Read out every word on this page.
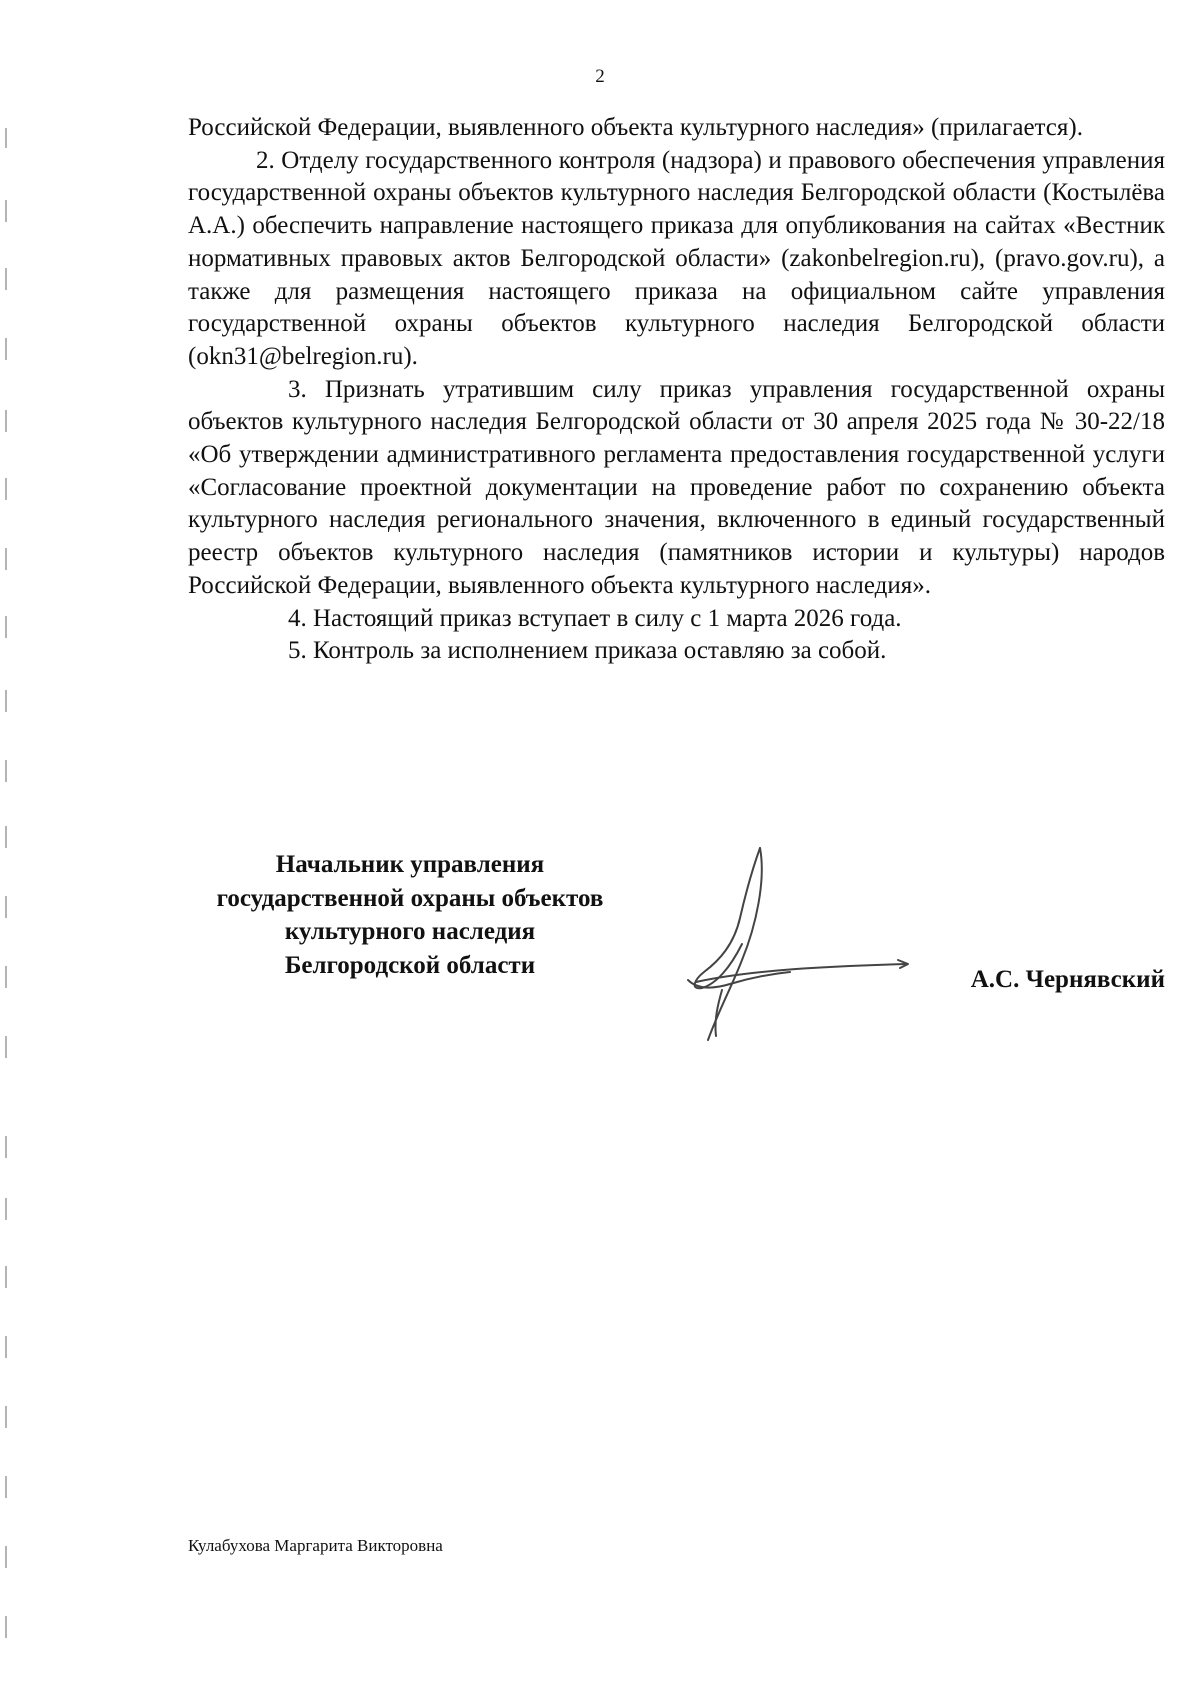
2

Российской Федерации, выявленного объекта культурного наследия» (прилагается).

2. Отделу государственного контроля (надзора) и правового обеспечения управления государственной охраны объектов культурного наследия Белгородской области (Костылёва А.А.) обеспечить направление настоящего приказа для опубликования на сайтах «Вестник нормативных правовых актов Белгородской области» (zakonbelregion.ru), (pravo.gov.ru), а также для размещения настоящего приказа на официальном сайте управления государственной охраны объектов культурного наследия Белгородской области (okn31@belregion.ru).

3. Признать утратившим силу приказ управления государственной охраны объектов культурного наследия Белгородской области от 30 апреля 2025 года № 30-22/18 «Об утверждении административного регламента предоставления государственной услуги «Согласование проектной документации на проведение работ по сохранению объекта культурного наследия регионального значения, включенного в единый государственный реестр объектов культурного наследия (памятников истории и культуры) народов Российской Федерации, выявленного объекта культурного наследия».

4. Настоящий приказ вступает в силу с 1 марта 2026 года.

5. Контроль за исполнением приказа оставляю за собой.

Начальник управления
государственной охраны объектов
культурного наследия
Белгородской области
А.С. Чернявский
Кулабухова Маргарита Викторовна
